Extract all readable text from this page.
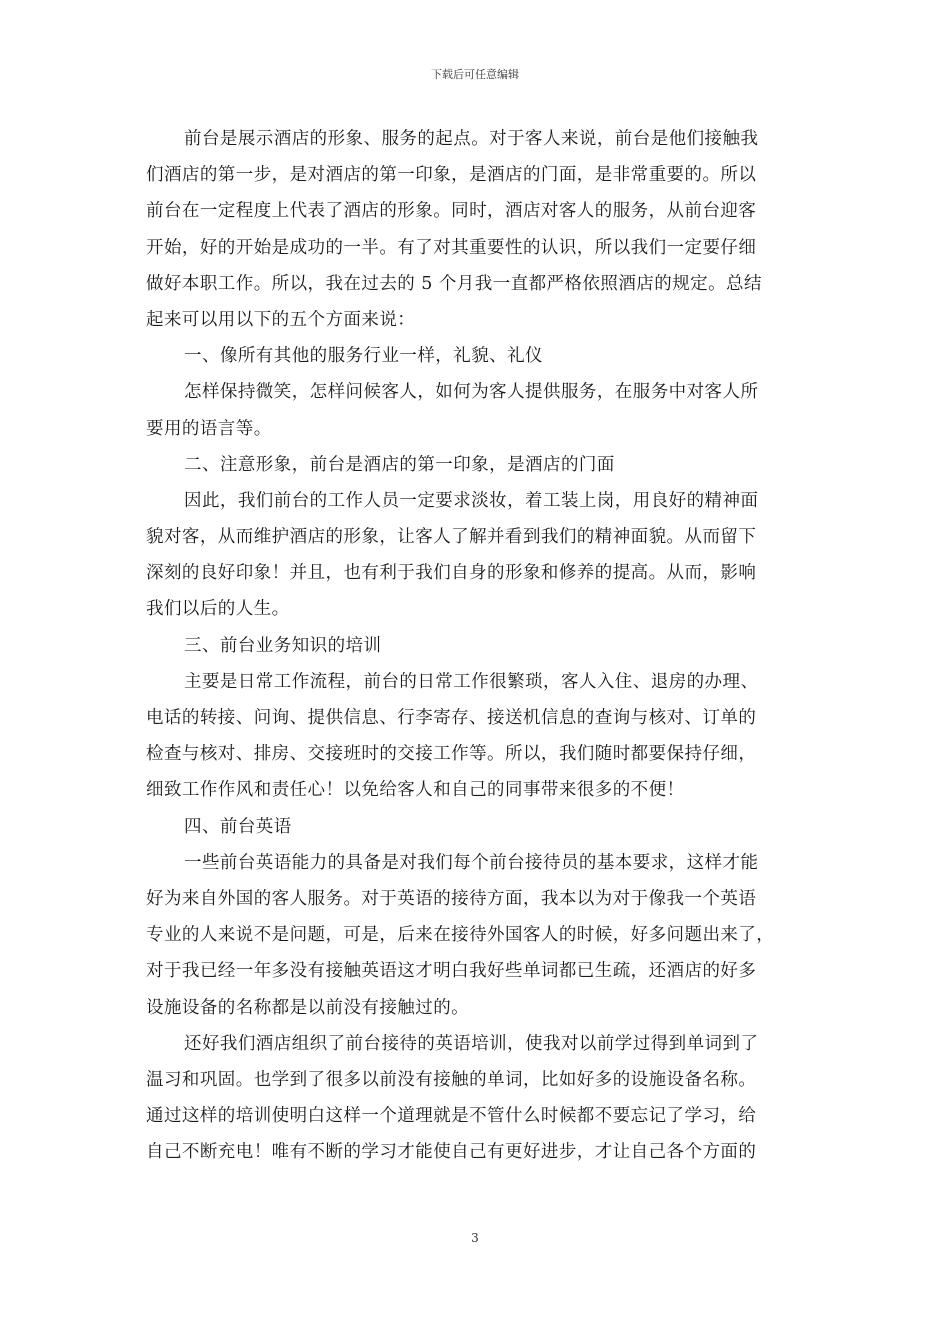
下载后可任意编辑
前台是展示酒店的形象、服务的起点。对于客人来说，前台是他们接触我
们酒店的第一步，是对酒店的第一印象，是酒店的门面，是非常重要的。所以
前台在一定程度上代表了酒店的形象。同时，酒店对客人的服务，从前台迎客
开始，好的开始是成功的一半。有了对其重要性的认识，所以我们一定要仔细
做好本职工作。所以，我在过去的 5 个月我一直都严格依照酒店的规定。总结
起来可以用以下的五个方面来说：
一、像所有其他的服务行业一样，礼貌、礼仪
怎样保持微笑，怎样问候客人，如何为客人提供服务，在服务中对客人所
要用的语言等。
二、注意形象，前台是酒店的第一印象，是酒店的门面
因此，我们前台的工作人员一定要求淡妆，着工装上岗，用良好的精神面
貌对客，从而维护酒店的形象，让客人了解并看到我们的精神面貌。从而留下
深刻的良好印象！并且，也有利于我们自身的形象和修养的提高。从而，影响
我们以后的人生。
三、前台业务知识的培训
主要是日常工作流程，前台的日常工作很繁琐，客人入住、退房的办理、
电话的转接、问询、提供信息、行李寄存、接送机信息的查询与核对、订单的
检查与核对、排房、交接班时的交接工作等。所以，我们随时都要保持仔细，
细致工作作风和责任心！以免给客人和自己的同事带来很多的不便！
四、前台英语
一些前台英语能力的具备是对我们每个前台接待员的基本要求，这样才能
好为来自外国的客人服务。对于英语的接待方面，我本以为对于像我一个英语
专业的人来说不是问题，可是，后来在接待外国客人的时候，好多问题出来了，
对于我已经一年多没有接触英语这才明白我好些单词都已生疏，还酒店的好多
设施设备的名称都是以前没有接触过的。
还好我们酒店组织了前台接待的英语培训，使我对以前学过得到单词到了
温习和巩固。也学到了很多以前没有接触的单词，比如好多的设施设备名称。
通过这样的培训使明白这样一个道理就是不管什么时候都不要忘记了学习，给
自己不断充电！唯有不断的学习才能使自己有更好进步，才让自己各个方面的
3
